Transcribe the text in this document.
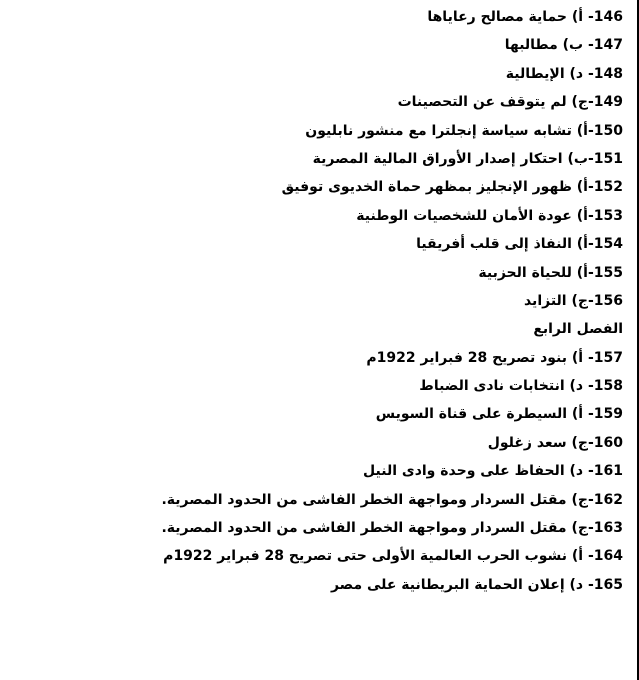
146- أ) حماية مصالح رعاياها
147- ب) مطالبها
148- د) الإيطالية
149-ج) لم يتوقف عن التحصينات
150-أ) تشابه سياسة إنجلترا مع منشور نابليون
151-ب) احتكار إصدار الأوراق المالية المصرية
152-أ) ظهور الإنجليز بمظهر حماة الخديوى توفيق
153-أ) عودة الأمان للشخصيات الوطنية
154-أ) النفاذ إلى قلب أفريقيا
155-أ) للحياة الحزبية
156-ج) التزايد
الفصل الرابع
157- أ) بنود تصريح 28 فبراير 1922م
158- د) انتخابات نادى الضباط
159- أ) السيطرة على قناة السويس
160-ج) سعد زغلول
161- د) الحفاظ على وحدة وادى النيل
162-ج) مقتل السردار ومواجهة الخطر الفاشى من الحدود المصرية.
163-ج) مقتل السردار ومواجهة الخطر الفاشى من الحدود المصرية.
164- أ) نشوب الحرب العالمية الأولى حتى تصريح 28 فبراير 1922م
165- د) إعلان الحماية البريطانية على مصر
